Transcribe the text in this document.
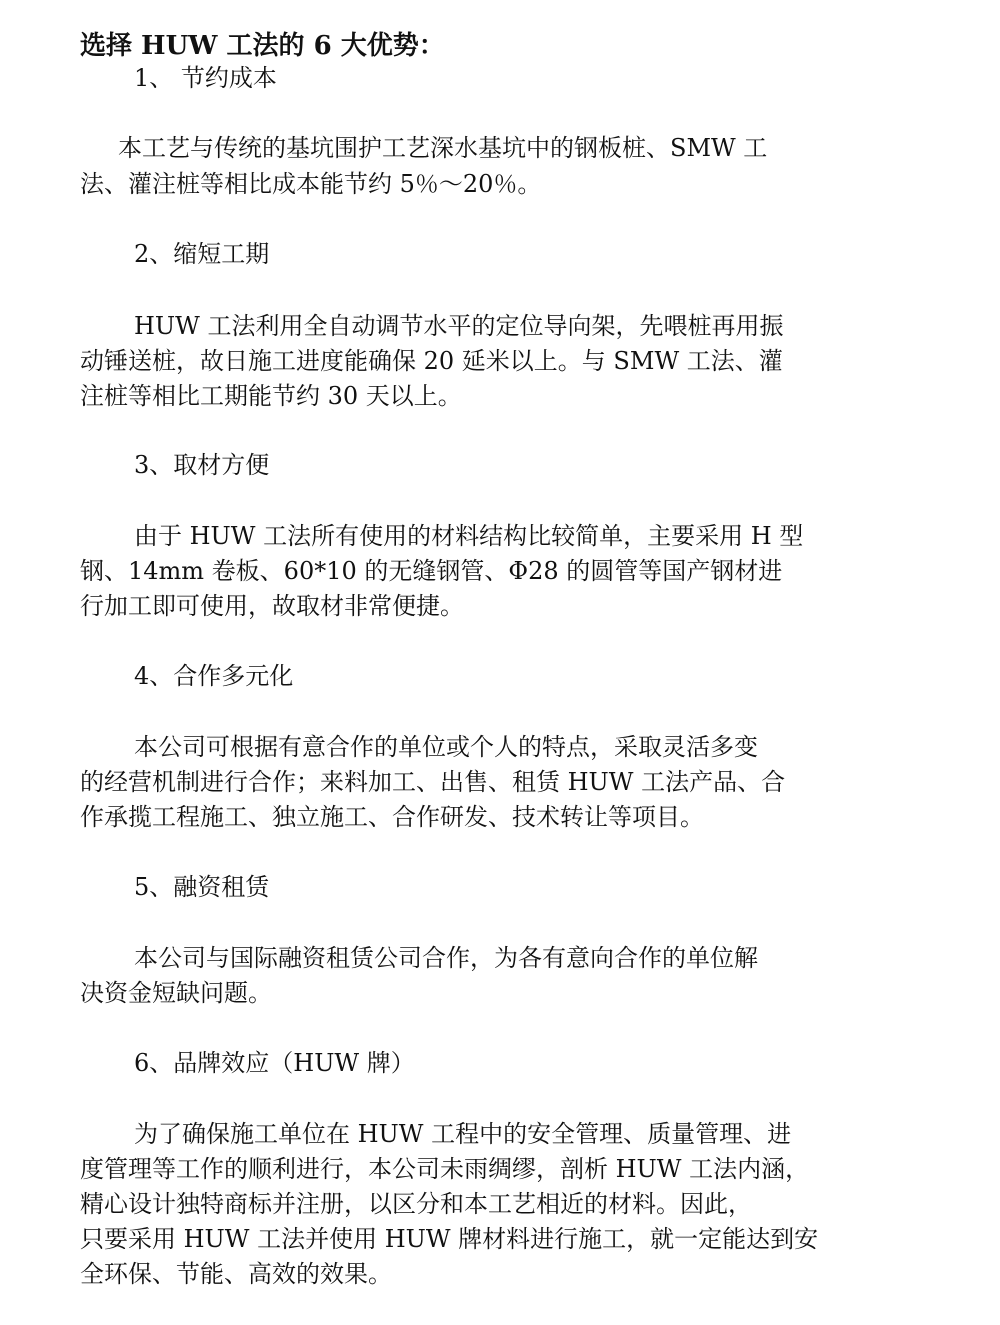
选择 HUW 工法的 6 大优势：
1、 节约成本
本工艺与传统的基坑围护工艺深水基坑中的钢板桩、SMW 工
法、灌注桩等相比成本能节约 5％～20％。
2、缩短工期
HUW 工法利用全自动调节水平的定位导向架，先喂桩再用振
动锤送桩，故日施工进度能确保 20 延米以上。与 SMW 工法、灌
注桩等相比工期能节约 30 天以上。
3、取材方便
由于 HUW 工法所有使用的材料结构比较简单，主要采用 H 型
钢、14mm 卷板、60*10 的无缝钢管、Φ28 的圆管等国产钢材进
行加工即可使用，故取材非常便捷。
4、合作多元化
本公司可根据有意合作的单位或个人的特点，采取灵活多变
的经营机制进行合作；来料加工、出售、租赁 HUW 工法产品、合
作承揽工程施工、独立施工、合作研发、技术转让等项目。
5、融资租赁
本公司与国际融资租赁公司合作，为各有意向合作的单位解
决资金短缺问题。
6、品牌效应（HUW 牌）
为了确保施工单位在 HUW 工程中的安全管理、质量管理、进
度管理等工作的顺利进行，本公司未雨绸缪，剖析 HUW 工法内涵，
精心设计独特商标并注册，以区分和本工艺相近的材料。因此，
只要采用 HUW 工法并使用 HUW 牌材料进行施工，就一定能达到安
全环保、节能、高效的效果。
